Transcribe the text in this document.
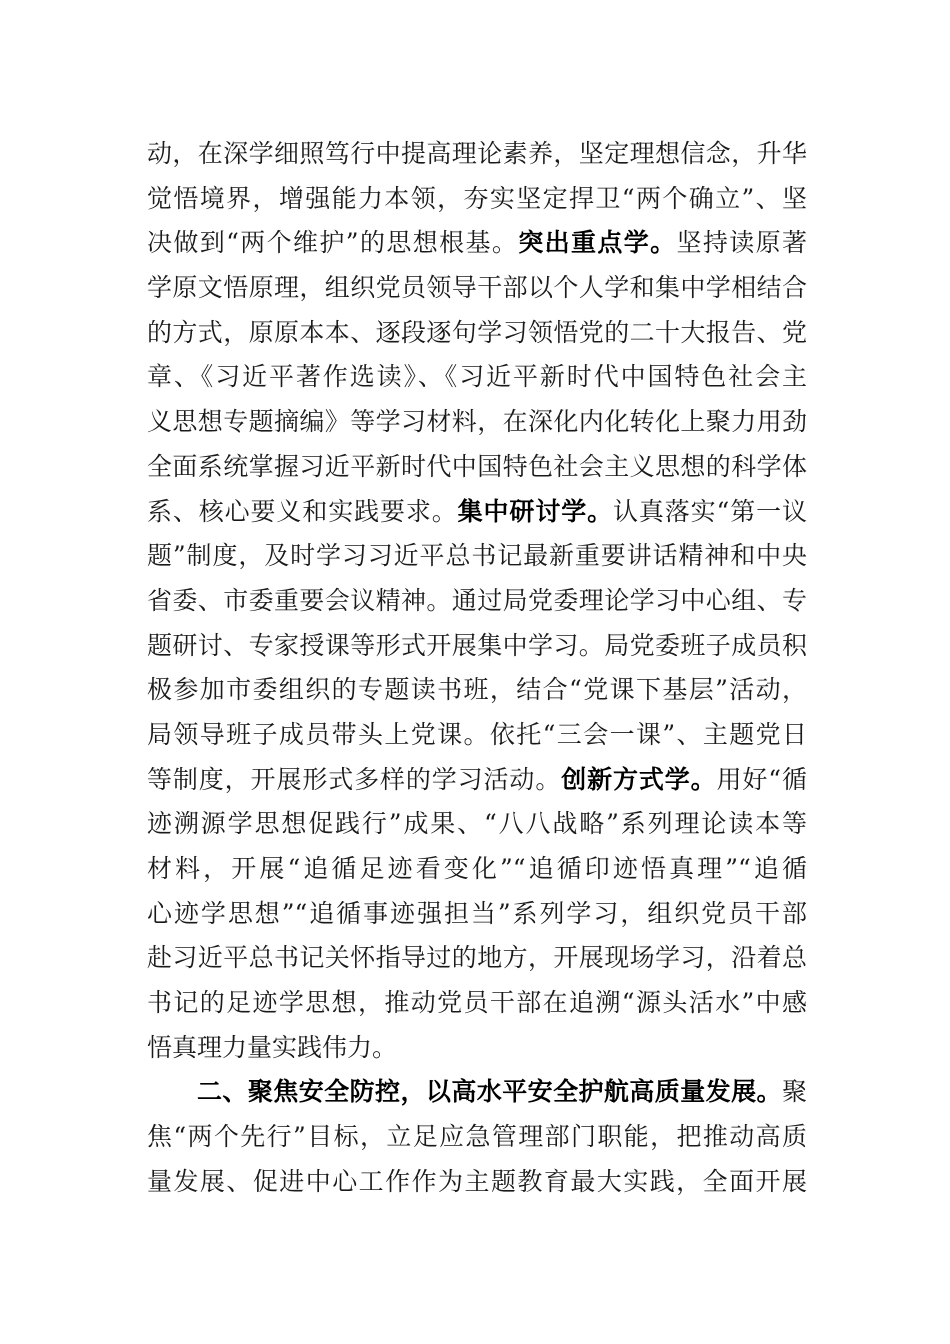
动，在深学细照笃行中提高理论素养，坚定理想信念，升华
觉悟境界，增强能力本领，夯实坚定捍卫“两个确立”、坚
决做到“两个维护”的思想根基。突出重点学。坚持读原著
学原文悟原理，组织党员领导干部以个人学和集中学相结合
的方式，原原本本、逐段逐句学习领悟党的二十大报告、党
章、《习近平著作选读》、《习近平新时代中国特色社会主
义思想专题摘编》等学习材料，在深化内化转化上聚力用劲
全面系统掌握习近平新时代中国特色社会主义思想的科学体
系、核心要义和实践要求。集中研讨学。认真落实“第一议
题”制度，及时学习习近平总书记最新重要讲话精神和中央
省委、市委重要会议精神。通过局党委理论学习中心组、专
题研讨、专家授课等形式开展集中学习。局党委班子成员积
极参加市委组织的专题读书班，结合“党课下基层”活动，
局领导班子成员带头上党课。依托“三会一课”、主题党日
等制度，开展形式多样的学习活动。创新方式学。用好“循
迹溯源学思想促践行”成果、“八八战略”系列理论读本等
材料，开展“追循足迹看变化”“追循印迹悟真理”“追循
心迹学思想”“追循事迹强担当”系列学习，组织党员干部
赴习近平总书记关怀指导过的地方，开展现场学习，沿着总
书记的足迹学思想，推动党员干部在追溯“源头活水”中感
悟真理力量实践伟力。
二、聚焦安全防控，以高水平安全护航高质量发展。聚
焦“两个先行”目标，立足应急管理部门职能，把推动高质
量发展、促进中心工作作为主题教育最大实践，全面开展
